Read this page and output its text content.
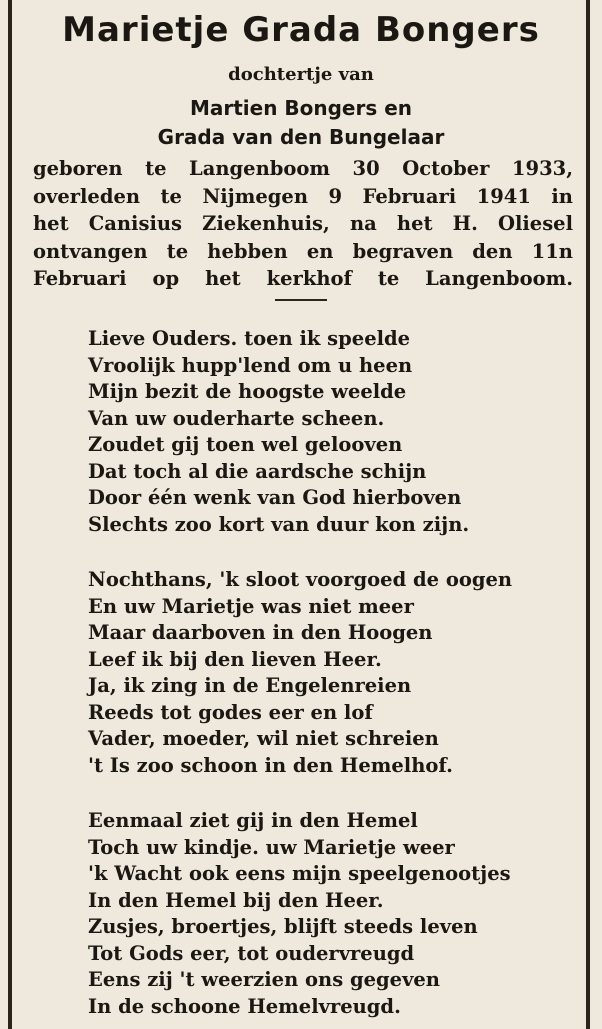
Marietje Grada Bongers
dochtertje van
Martien Bongers en
Grada van den Bungelaar
geboren te Langenboom 30 October 1933,
overleden te Nijmegen 9 Februari 1941 in
het Canisius Ziekenhuis, na het H. Oliesel
ontvangen te hebben en begraven den 11n
Februari op het kerkhof te Langenboom.
Lieve Ouders. toen ik speelde
Vroolijk hupp'lend om u heen
Mijn bezit de hoogste weelde
Van uw ouderharte scheen.
Zoudet gij toen wel gelooven
Dat toch al die aardsche schijn
Door één wenk van God hierboven
Slechts zoo kort van duur kon zijn.
Nochthans, 'k sloot voorgoed de oogen
En uw Marietje was niet meer
Maar daarboven in den Hoogen
Leef ik bij den lieven Heer.
Ja, ik zing in de Engelenreien
Reeds tot godes eer en lof
Vader, moeder, wil niet schreien
't Is zoo schoon in den Hemelhof.
Eenmaal ziet gij in den Hemel
Toch uw kindje. uw Marietje weer
'k Wacht ook eens mijn speelgenootjes
In den Hemel bij den Heer.
Zusjes, broertjes, blijft steeds leven
Tot Gods eer, tot oudervreugd
Eens zij 't weerzien ons gegeven
In de schoone Hemelvreugd.
